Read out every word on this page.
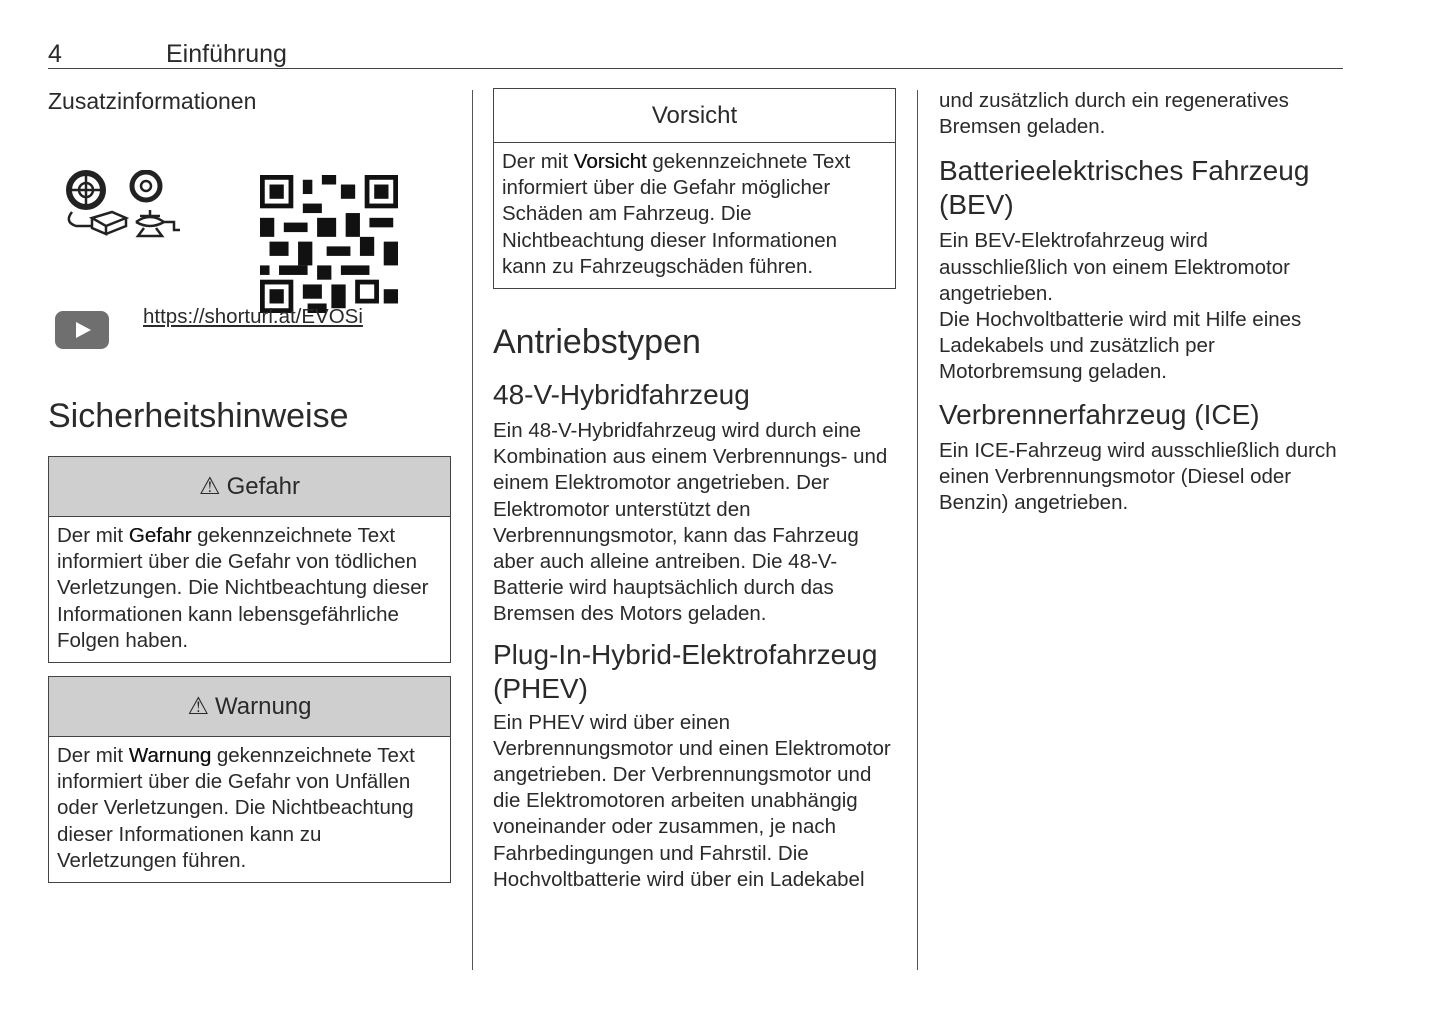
4	Einführung

Zusatzinformationen

https://shorturl.at/EVOSi
Sicherheitshinweise
⚠ Gefahr
Der mit Gefahr gekennzeichnete Text informiert über die Gefahr von tödlichen Verletzungen. Die Nichtbeachtung dieser Informationen kann lebensgefährliche Folgen haben.
⚠ Warnung
Der mit Warnung gekennzeichnete Text informiert über die Gefahr von Unfällen oder Verletzungen. Die Nichtbeachtung dieser Informationen kann zu Verletzungen führen.
Vorsicht
Der mit Vorsicht gekennzeichnete Text informiert über die Gefahr möglicher Schäden am Fahrzeug. Die Nichtbeachtung dieser Informationen kann zu Fahrzeugschäden führen.
Antriebstypen
48-V-Hybridfahrzeug

Ein 48-V-Hybridfahrzeug wird durch eine Kombination aus einem Verbrennungs- und einem Elektromotor angetrieben. Der Elektromotor unterstützt den Verbrennungsmotor, kann das Fahrzeug aber auch alleine antreiben. Die 48-V-Batterie wird hauptsächlich durch das Bremsen des Motors geladen.

Plug-In-Hybrid-Elektrofahrzeug (PHEV)

Ein PHEV wird über einen Verbrennungsmotor und einen Elektromotor angetrieben. Der Verbrennungsmotor und die Elektromotoren arbeiten unabhängig voneinander oder zusammen, je nach Fahrbedingungen und Fahrstil. Die Hochvoltbatterie wird über ein Ladekabel

und zusätzlich durch ein regeneratives Bremsen geladen.

Batterieelektrisches Fahrzeug (BEV)

Ein BEV-Elektrofahrzeug wird ausschließlich von einem Elektromotor angetrieben.

Die Hochvoltbatterie wird mit Hilfe eines Ladekabels und zusätzlich per Motorbremsung geladen.

Verbrennerfahrzeug (ICE)

Ein ICE-Fahrzeug wird ausschließlich durch einen Verbrennungsmotor (Diesel oder Benzin) angetrieben.
